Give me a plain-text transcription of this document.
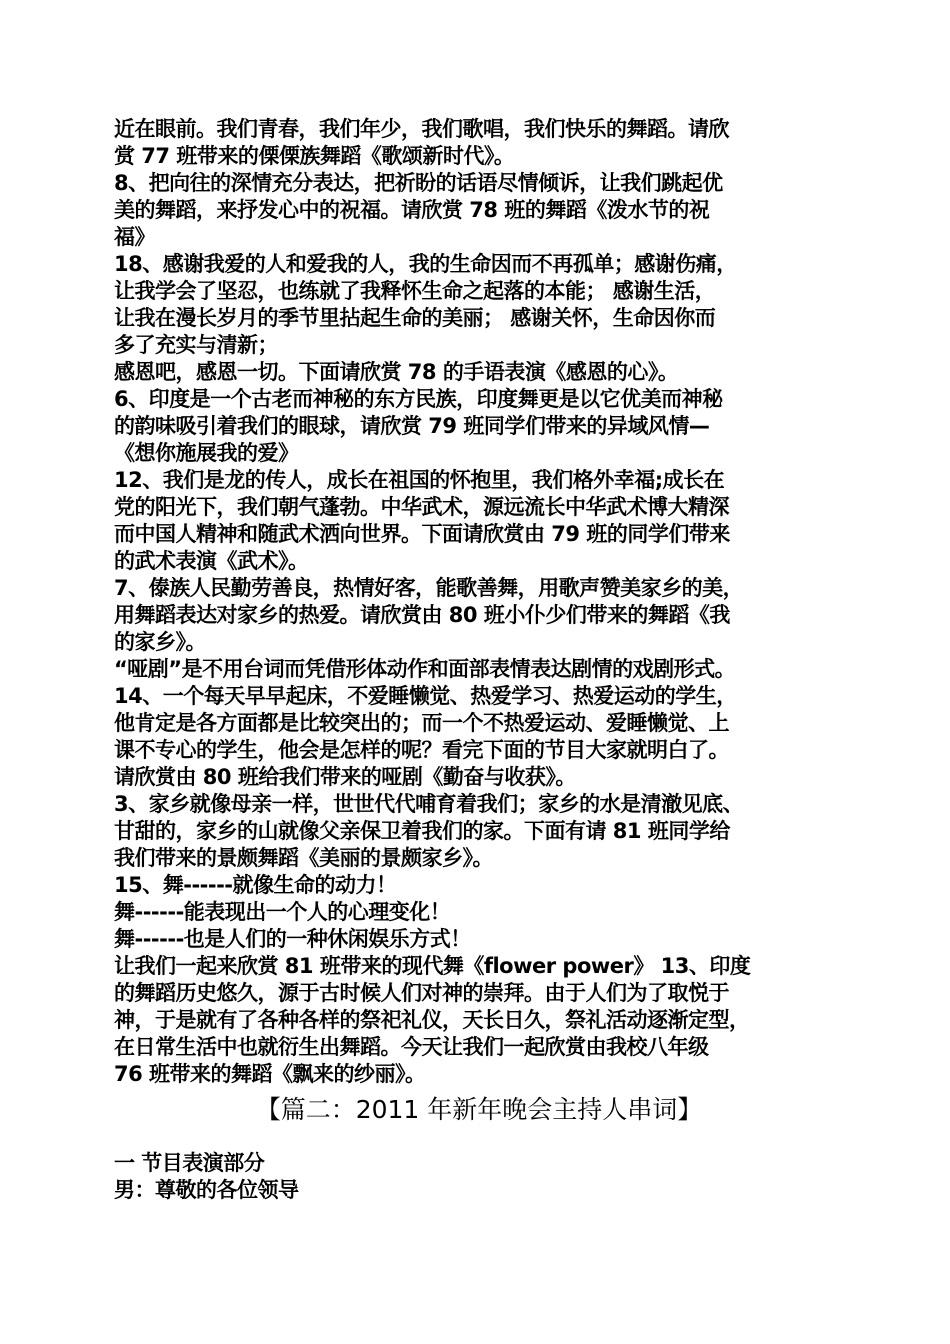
近在眼前。我们青春，我们年少，我们歌唱，我们快乐的舞蹈。请欣
赏 77 班带来的傈傈族舞蹈《歌颂新时代》。
8、把向往的深情充分表达，把祈盼的话语尽情倾诉，让我们跳起优
美的舞蹈，来抒发心中的祝福。请欣赏 78 班的舞蹈《泼水节的祝
福》
18、感谢我爱的人和爱我的人，我的生命因而不再孤单；感谢伤痛，
让我学会了坚忍，也练就了我释怀生命之起落的本能； 感谢生活，
让我在漫长岁月的季节里拈起生命的美丽； 感谢关怀，生命因你而
多了充实与清新；
感恩吧，感恩一切。下面请欣赏 78 的手语表演《感恩的心》。
6、印度是一个古老而神秘的东方民族，印度舞更是以它优美而神秘
的韵味吸引着我们的眼球，请欣赏 79 班同学们带来的异域风情—
《想你施展我的爱》
12、我们是龙的传人，成长在祖国的怀抱里，我们格外幸福;成长在
党的阳光下，我们朝气蓬勃。中华武术，源远流长中华武术博大精深
而中国人精神和随武术洒向世界。下面请欣赏由 79 班的同学们带来
的武术表演《武术》。
7、傣族人民勤劳善良，热情好客，能歌善舞，用歌声赞美家乡的美，
用舞蹈表达对家乡的热爱。请欣赏由 80 班小仆少们带来的舞蹈《我
的家乡》。
“哑剧”是不用台词而凭借形体动作和面部表情表达剧情的戏剧形式。
14、一个每天早早起床，不爱睡懒觉、热爱学习、热爱运动的学生，
他肯定是各方面都是比较突出的；而一个不热爱运动、爱睡懒觉、上
课不专心的学生，他会是怎样的呢？看完下面的节目大家就明白了。
请欣赏由 80 班给我们带来的哑剧《勤奋与收获》。
3、家乡就像母亲一样，世世代代哺育着我们；家乡的水是清澈见底、
甘甜的，家乡的山就像父亲保卫着我们的家。下面有请 81 班同学给
我们带来的景颇舞蹈《美丽的景颇家乡》。
15、舞------就像生命的动力！
舞------能表现出一个人的心理变化！
舞------也是人们的一种休闲娱乐方式！
让我们一起来欣赏 81 班带来的现代舞《flower power》 13、印度
的舞蹈历史悠久，源于古时候人们对神的崇拜。由于人们为了取悦于
神，于是就有了各种各样的祭祀礼仪，天长日久，祭礼活动逐渐定型，
在日常生活中也就衍生出舞蹈。今天让我们一起欣赏由我校八年级
76 班带来的舞蹈《飘来的纱丽》。
【篇二：2011 年新年晚会主持人串词】
一 节目表演部分
男：尊敬的各位领导
